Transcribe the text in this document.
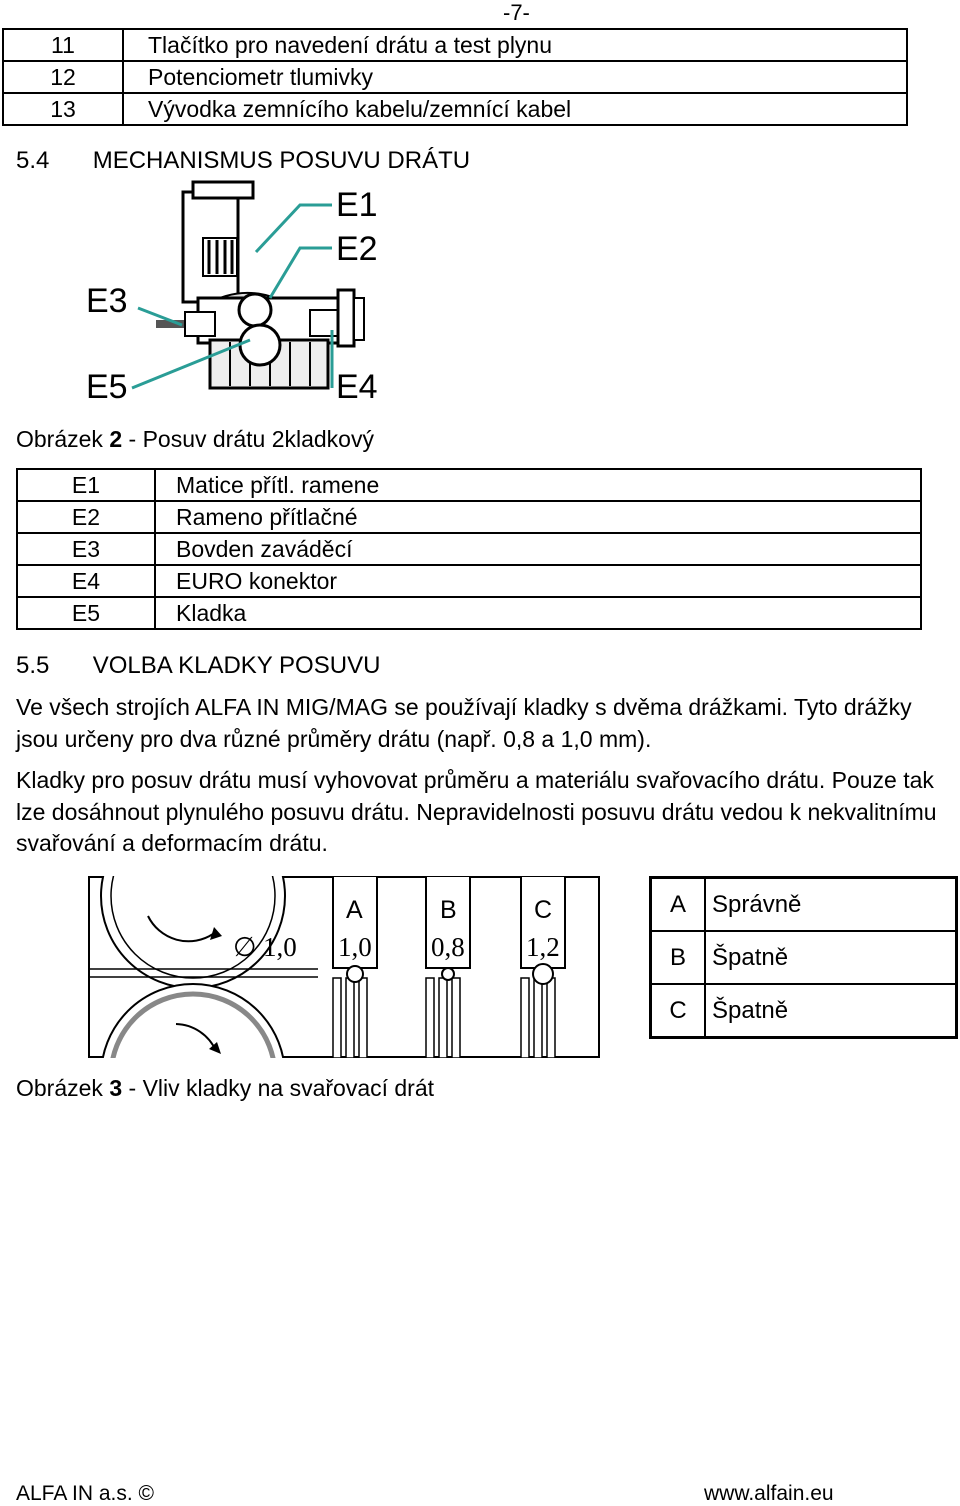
-7-
11	Tlačítko pro navedení drátu a test plynu
12	Potenciometr tlumivky
13	Vývodka zemnícího kabelu/zemnící kabel
5.4 MECHANISMUS POSUVU DRÁTU
E1
E2
E3
E5	E4
Obrázek 2 - Posuv drátu 2kladkový
E1	Matice přítl. ramene
E2	Rameno přítlačné
E3	Bovden zaváděcí
E4	EURO konektor
E5	Kladka
5.5 VOLBA KLADKY POSUVU
Ve všech strojích ALFA IN MIG/MAG se používají kladky s dvěma drážkami. Tyto drážky jsou určeny pro dva různé průměry drátu (např. 0,8 a 1,0 mm).
Kladky pro posuv drátu musí vyhovovat průměru a materiálu svařovacího drátu. Pouze tak lze dosáhnout plynulého posuvu drátu. Nepravidelnosti posuvu drátu vedou k nekvalitnímu svařování a deformacím drátu.
∅ 1,0
A
1,0
B
0,8
C
1,2
A	Správně
B	Špatně
C	Špatně
Obrázek 3 - Vliv kladky na svařovací drát
ALFA IN a.s. ©	www.alfain.eu
